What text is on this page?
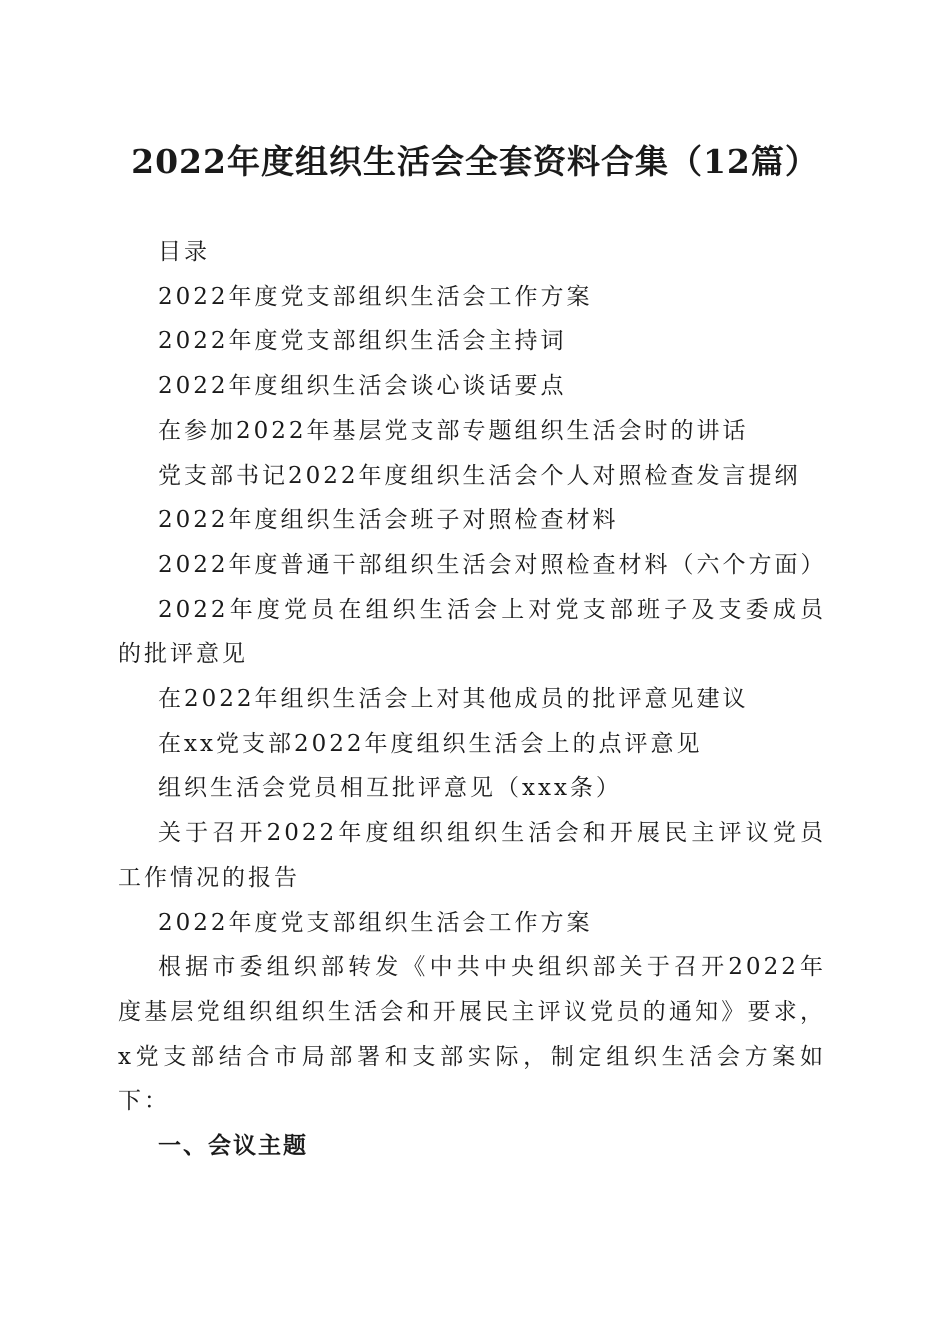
2022年度组织生活会全套资料合集（12篇）

目录

2022年度党支部组织生活会工作方案

2022年度党支部组织生活会主持词

2022年度组织生活会谈心谈话要点

在参加2022年基层党支部专题组织生活会时的讲话

党支部书记2022年度组织生活会个人对照检查发言提纲

2022年度组织生活会班子对照检查材料

2022年度普通干部组织生活会对照检查材料（六个方面）

2022年度党员在组织生活会上对党支部班子及支委成员的批评意见

在2022年组织生活会上对其他成员的批评意见建议

在xx党支部2022年度组织生活会上的点评意见

组织生活会党员相互批评意见（xxx条）

关于召开2022年度组织组织生活会和开展民主评议党员工作情况的报告

2022年度党支部组织生活会工作方案

根据市委组织部转发《中共中央组织部关于召开2022年度基层党组织组织生活会和开展民主评议党员的通知》要求，x党支部结合市局部署和支部实际，制定组织生活会方案如下：

一、会议主题
